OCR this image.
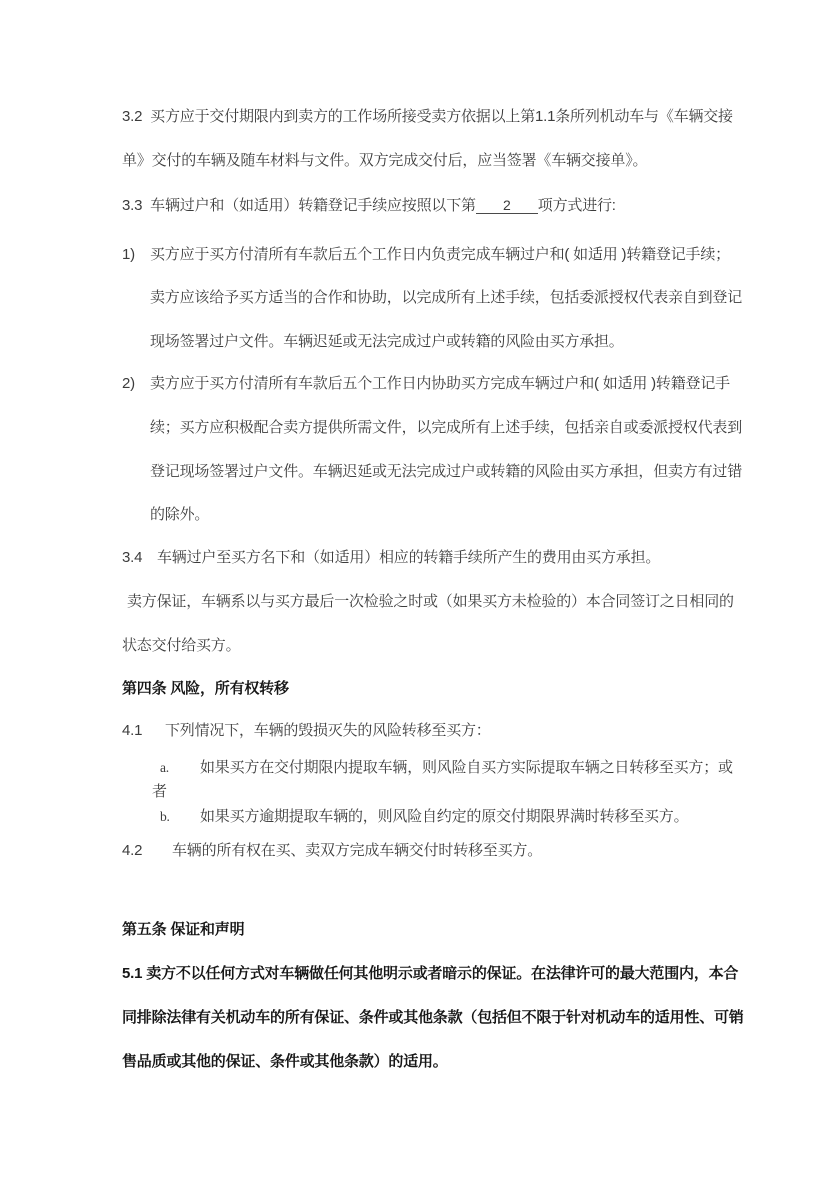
3.2  买方应于交付期限内到卖方的工作场所接受卖方依据以上第1.1条所列机动车与《车辆交接
单》交付的车辆及随车材料与文件。双方完成交付后，应当签署《车辆交接单》。
3.3  车辆过户和（如适用）转籍登记手续应按照以下第 2 项方式进行:
1) 买方应于买方付清所有车款后五个工作日内负责完成车辆过户和( 如适用 )转籍登记手续；
卖方应该给予买方适当的合作和协助，以完成所有上述手续，包括委派授权代表亲自到登记
现场签署过户文件。车辆迟延或无法完成过户或转籍的风险由买方承担。
2) 卖方应于买方付清所有车款后五个工作日内协助买方完成车辆过户和( 如适用 )转籍登记手
续；买方应积极配合卖方提供所需文件，以完成所有上述手续，包括亲自或委派授权代表到
登记现场签署过户文件。车辆迟延或无法完成过户或转籍的风险由买方承担，但卖方有过错
的除外。
3.4 车辆过户至买方名下和（如适用）相应的转籍手续所产生的费用由买方承担。
卖方保证，车辆系以与买方最后一次检验之时或（如果买方未检验的）本合同签订之日相同的
状态交付给买方。
第四条 风险，所有权转移
4.1 下列情况下，车辆的毁损灭失的风险转移至买方：
a. 如果买方在交付期限内提取车辆，则风险自买方实际提取车辆之日转移至买方；或
者
b. 如果买方逾期提取车辆的，则风险自约定的原交付期限界满时转移至买方。
4.2 车辆的所有权在买、卖双方完成车辆交付时转移至买方。
第五条 保证和声明
5.1 卖方不以任何方式对车辆做任何其他明示或者暗示的保证。在法律许可的最大范围内，本合
同排除法律有关机动车的所有保证、条件或其他条款（包括但不限于针对机动车的适用性、可销
售品质或其他的保证、条件或其他条款）的适用。
